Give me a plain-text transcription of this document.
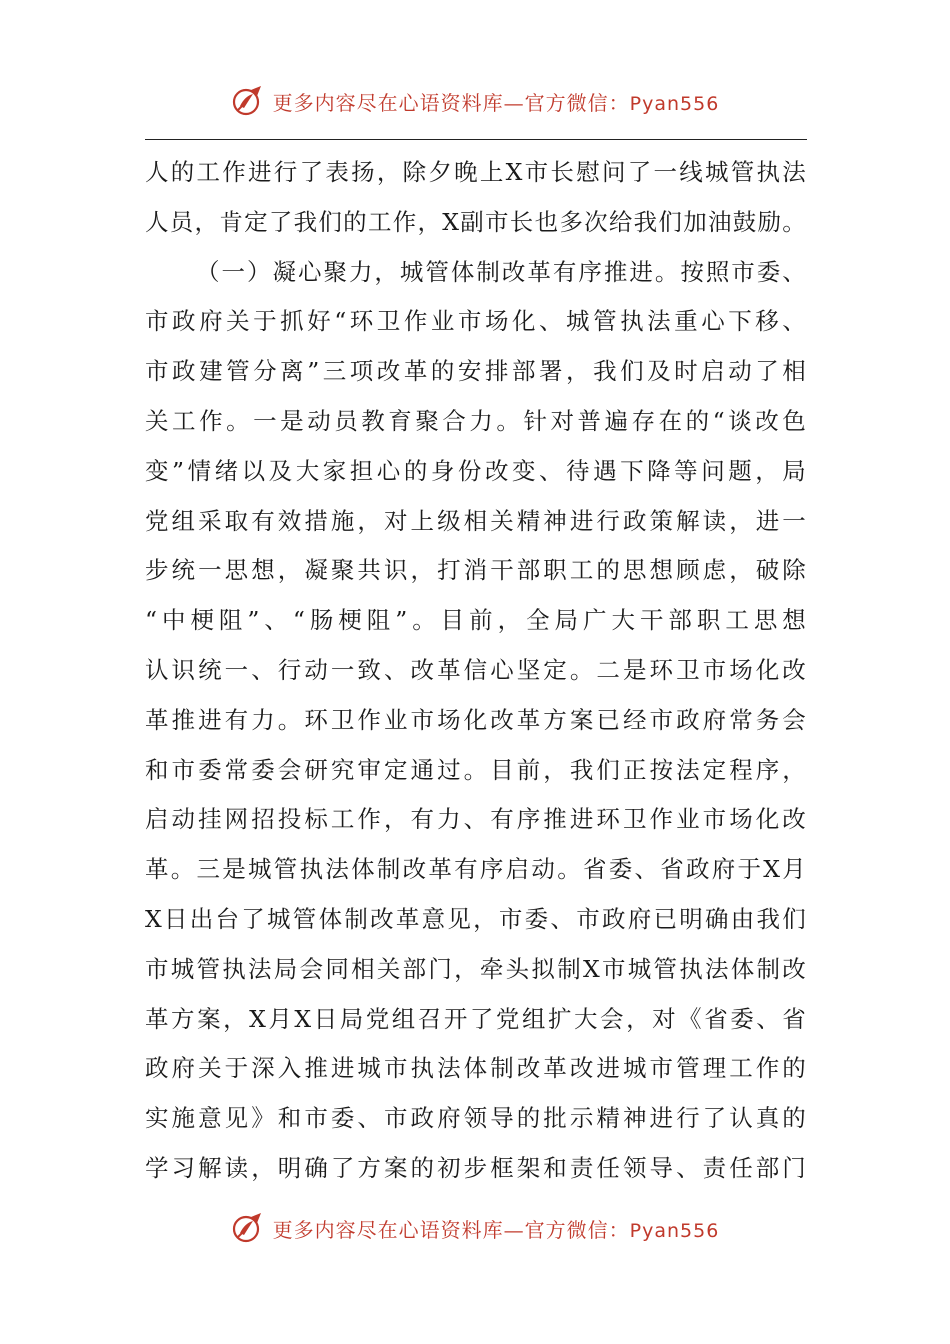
更多内容尽在心语资料库—官方微信：Pyan556
人的工作进行了表扬，除夕晚上X市长慰问了一线城管执法
人员，肯定了我们的工作，X副市长也多次给我们加油鼓励。
（一）凝心聚力，城管体制改革有序推进。按照市委、
市政府关于抓好“环卫作业市场化、城管执法重心下移、
市政建管分离”三项改革的安排部署，我们及时启动了相
关工作。一是动员教育聚合力。针对普遍存在的“谈改色
变”情绪以及大家担心的身份改变、待遇下降等问题，局
党组采取有效措施，对上级相关精神进行政策解读，进一
步统一思想，凝聚共识，打消干部职工的思想顾虑，破除
“中梗阻”、“肠梗阻”。目前，全局广大干部职工思想
认识统一、行动一致、改革信心坚定。二是环卫市场化改
革推进有力。环卫作业市场化改革方案已经市政府常务会
和市委常委会研究审定通过。目前，我们正按法定程序，
启动挂网招投标工作，有力、有序推进环卫作业市场化改
革。三是城管执法体制改革有序启动。省委、省政府于X月
X日出台了城管体制改革意见，市委、市政府已明确由我们
市城管执法局会同相关部门，牵头拟制X市城管执法体制改
革方案，X月X日局党组召开了党组扩大会，对《省委、省
政府关于深入推进城市执法体制改革改进城市管理工作的
实施意见》和市委、市政府领导的批示精神进行了认真的
学习解读，明确了方案的初步框架和责任领导、责任部门
更多内容尽在心语资料库—官方微信：Pyan556
